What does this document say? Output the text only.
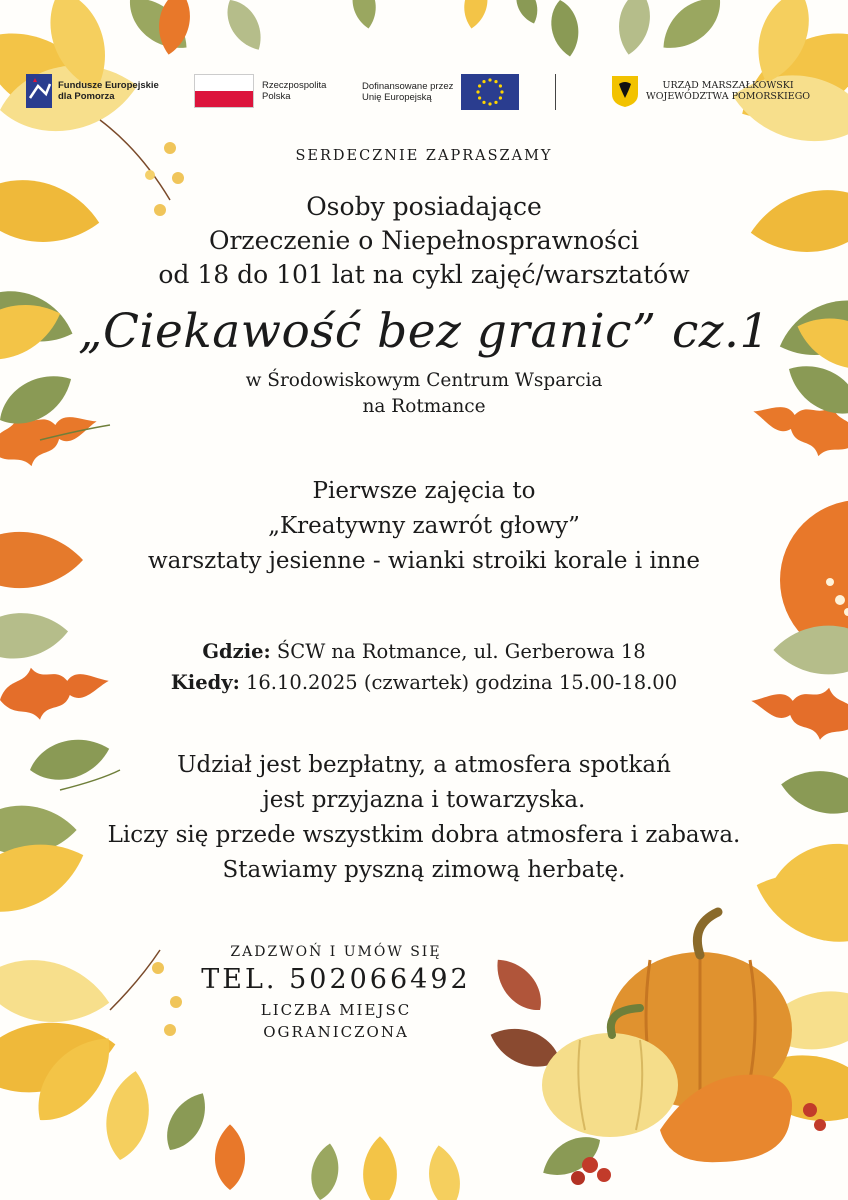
Fundusze Europejskie
dla Pomorza
Rzeczpospolita
Polska
Dofinansowane przez
Unię Europejską
URZĄD MARSZAŁKOWSKI
WOJEWÓDZTWA POMORSKIEGO
SERDECZNIE ZAPRASZAMY
Osoby posiadające
Orzeczenie o Niepełnosprawności
od 18 do 101 lat na cykl zajęć/warsztatów
„Ciekawość bez granic” cz.1
w Środowiskowym Centrum Wsparcia
na Rotmance
Pierwsze zajęcia to
„Kreatywny zawrót głowy”
warsztaty jesienne - wianki stroiki korale i inne
Gdzie: ŚCW na Rotmance, ul. Gerberowa 18
Kiedy: 16.10.2025 (czwartek) godzina 15.00-18.00
Udział jest bezpłatny, a atmosfera spotkań
jest przyjazna i towarzyska.
Liczy się przede wszystkim dobra atmosfera i zabawa.
Stawiamy pyszną zimową herbatę.
ZADZWOŃ I UMÓW SIĘ
TEL. 502066492
LICZBA MIEJSC
OGRANICZONA
